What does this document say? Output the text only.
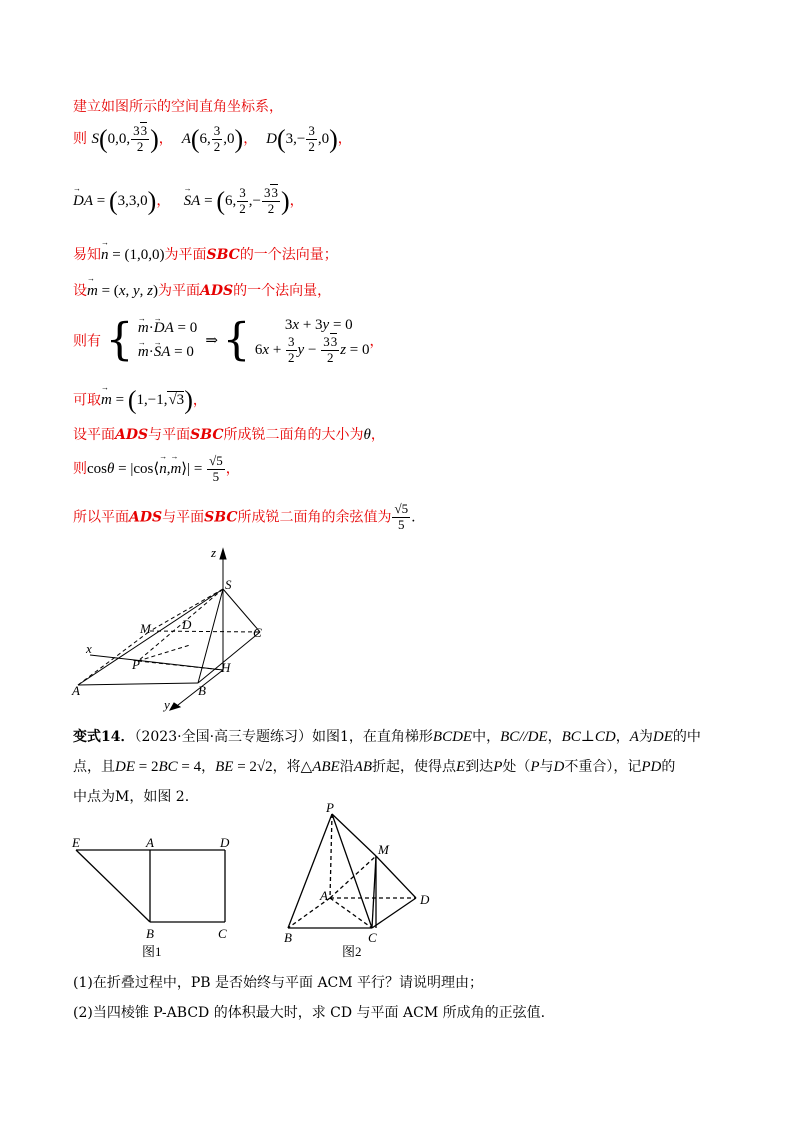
建立如图所示的空间直角坐标系，
则 S(0,0, $\frac{33}{2}$ )，  A(6, $\frac{3}{2} ,0$)，  $D(3,- \frac{3}{2} ,0)$，
→ DA = (3,3,0)，   → SA = (6, $\frac{3}{2}$ ,− $\frac{33}{2}$ )，
易知→ n = (1,0,0)为平面SBC的一个法向量；
设→ m = (x, y, z)为平面ADS的一个法向量，
则有 { → m·→ DA = 0
→ m·→ SA = 0  ⇒ {         3x + 3y = 0
$6x + \frac{3}{2}$ $y - \frac{33}{2}$ z = 0，
可取→ m = (1,−1,√3)，
设平面ADS与平面SBC所成锐二面角的大小为θ，
则cosθ = |cos⟨→ n,→ m⟩| = $\frac{√5}{5}$ ，
所以平面ADS与平面SBC所成锐二面角的余弦值为 $\frac{√5}{5}$ .
z
S
M D
C
x
P	H
A	B
y
变式14．（2023·全国·高三专题练习）如图1，在直角梯形BCDE中，BC//DE，BC⊥CD，A为DE的中
点，且DE = 2BC = 4，BE = 2√2，将△ABE沿AB折起，使得点E到达P处（P与D不重合），记PD的
中点为M，如图 2.
E	A	D
B	C
图1
P
M
A	D
B	C
图2
(1)在折叠过程中，PB 是否始终与平面 ACM 平行？请说明理由；
(2)当四棱锥 P-ABCD 的体积最大时，求 CD 与平面 ACM 所成角的正弦值.
